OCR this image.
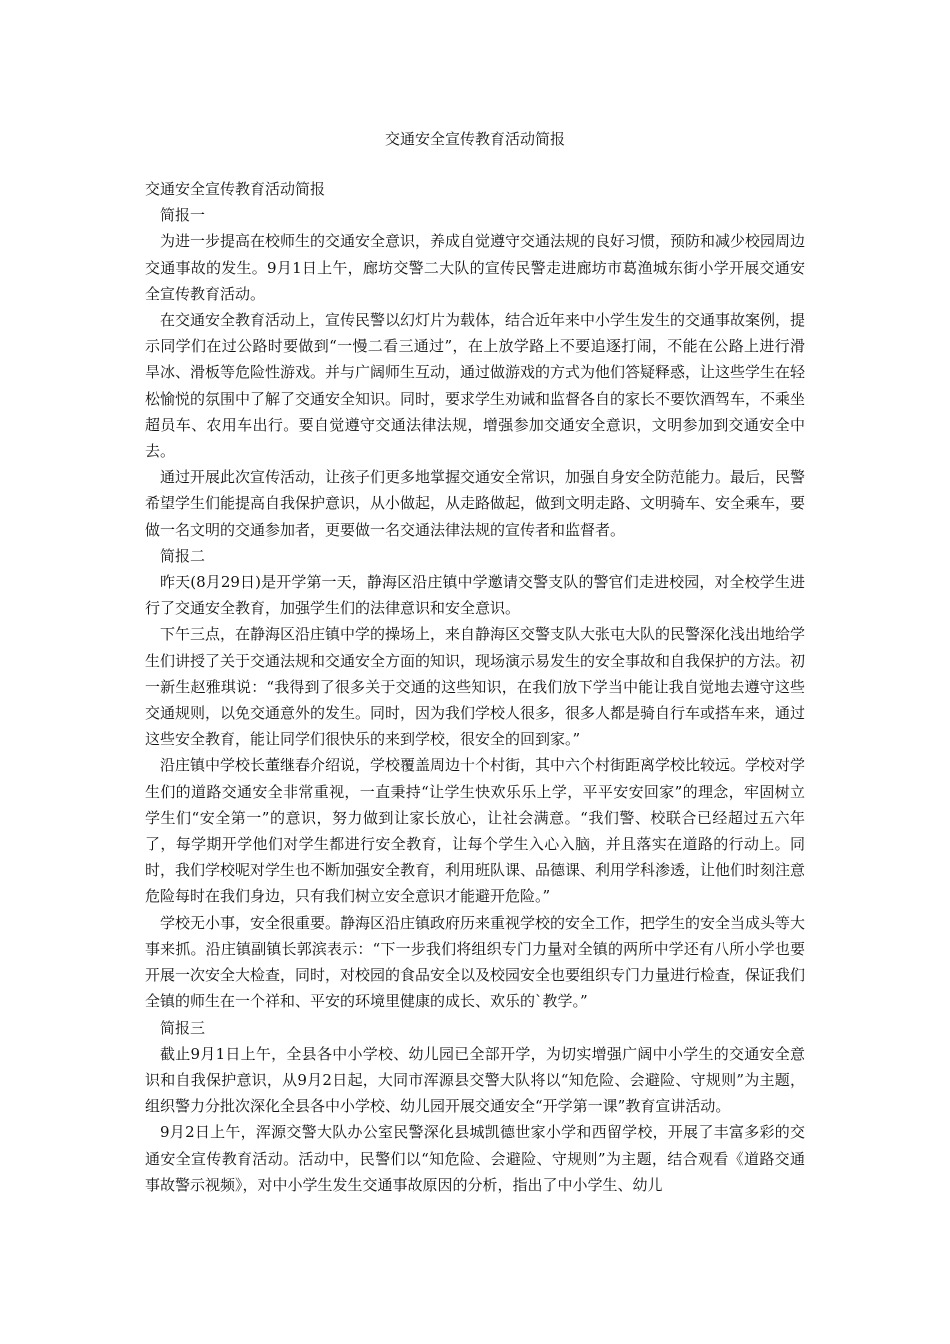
交通安全宣传教育活动简报

交通安全宣传教育活动简报

简报一

为进一步提高在校师生的交通安全意识，养成自觉遵守交通法规的良好习惯，预防和减少校园周边交通事故的发生。9月1日上午，廊坊交警二大队的宣传民警走进廊坊市葛渔城东街小学开展交通安全宣传教育活动。

在交通安全教育活动上，宣传民警以幻灯片为载体，结合近年来中小学生发生的交通事故案例，提示同学们在过公路时要做到“一慢二看三通过”，在上放学路上不要追逐打闹，不能在公路上进行滑旱冰、滑板等危险性游戏。并与广阔师生互动，通过做游戏的方式为他们答疑释惑，让这些学生在轻松愉悦的氛围中了解了交通安全知识。同时，要求学生劝诫和监督各自的家长不要饮酒驾车，不乘坐超员车、农用车出行。要自觉遵守交通法律法规，增强参加交通安全意识，文明参加到交通安全中去。

通过开展此次宣传活动，让孩子们更多地掌握交通安全常识，加强自身安全防范能力。最后，民警希望学生们能提高自我保护意识，从小做起，从走路做起，做到文明走路、文明骑车、安全乘车，要做一名文明的交通参加者，更要做一名交通法律法规的宣传者和监督者。

简报二

昨天(8月29日)是开学第一天，静海区沿庄镇中学邀请交警支队的警官们走进校园，对全校学生进行了交通安全教育，加强学生们的法律意识和安全意识。

下午三点，在静海区沿庄镇中学的操场上，来自静海区交警支队大张屯大队的民警深化浅出地给学生们讲授了关于交通法规和交通安全方面的知识，现场演示易发生的安全事故和自我保护的方法。初一新生赵雅琪说：“我得到了很多关于交通的这些知识，在我们放下学当中能让我自觉地去遵守这些交通规则，以免交通意外的发生。同时，因为我们学校人很多，很多人都是骑自行车或搭车来，通过这些安全教育，能让同学们很快乐的来到学校，很安全的回到家。”

沿庄镇中学校长董继春介绍说，学校覆盖周边十个村街，其中六个村街距离学校比较远。学校对学生们的道路交通安全非常重视，一直秉持“让学生快欢乐乐上学，平平安安回家”的理念，牢固树立学生们“安全第一”的意识，努力做到让家长放心，让社会满意。“我们警、校联合已经超过五六年了，每学期开学他们对学生都进行安全教育，让每个学生入心入脑，并且落实在道路的行动上。同时，我们学校呢对学生也不断加强安全教育，利用班队课、品德课、利用学科渗透，让他们时刻注意危险每时在我们身边，只有我们树立安全意识才能避开危险。”

学校无小事，安全很重要。静海区沿庄镇政府历来重视学校的安全工作，把学生的安全当成头等大事来抓。沿庄镇副镇长郭滨表示：“下一步我们将组织专门力量对全镇的两所中学还有八所小学也要开展一次安全大检查，同时，对校园的食品安全以及校园安全也要组织专门力量进行检查，保证我们全镇的师生在一个祥和、平安的环境里健康的成长、欢乐的`教学。”

简报三

截止9月1日上午，全县各中小学校、幼儿园已全部开学，为切实增强广阔中小学生的交通安全意识和自我保护意识，从9月2日起，大同市浑源县交警大队将以“知危险、会避险、守规则”为主题，组织警力分批次深化全县各中小学校、幼儿园开展交通安全“开学第一课”教育宣讲活动。

9月2日上午，浑源交警大队办公室民警深化县城凯德世家小学和西留学校，开展了丰富多彩的交通安全宣传教育活动。活动中，民警们以“知危险、会避险、守规则”为主题，结合观看《道路交通事故警示视频》，对中小学生发生交通事故原因的分析，指出了中小学生、幼儿
